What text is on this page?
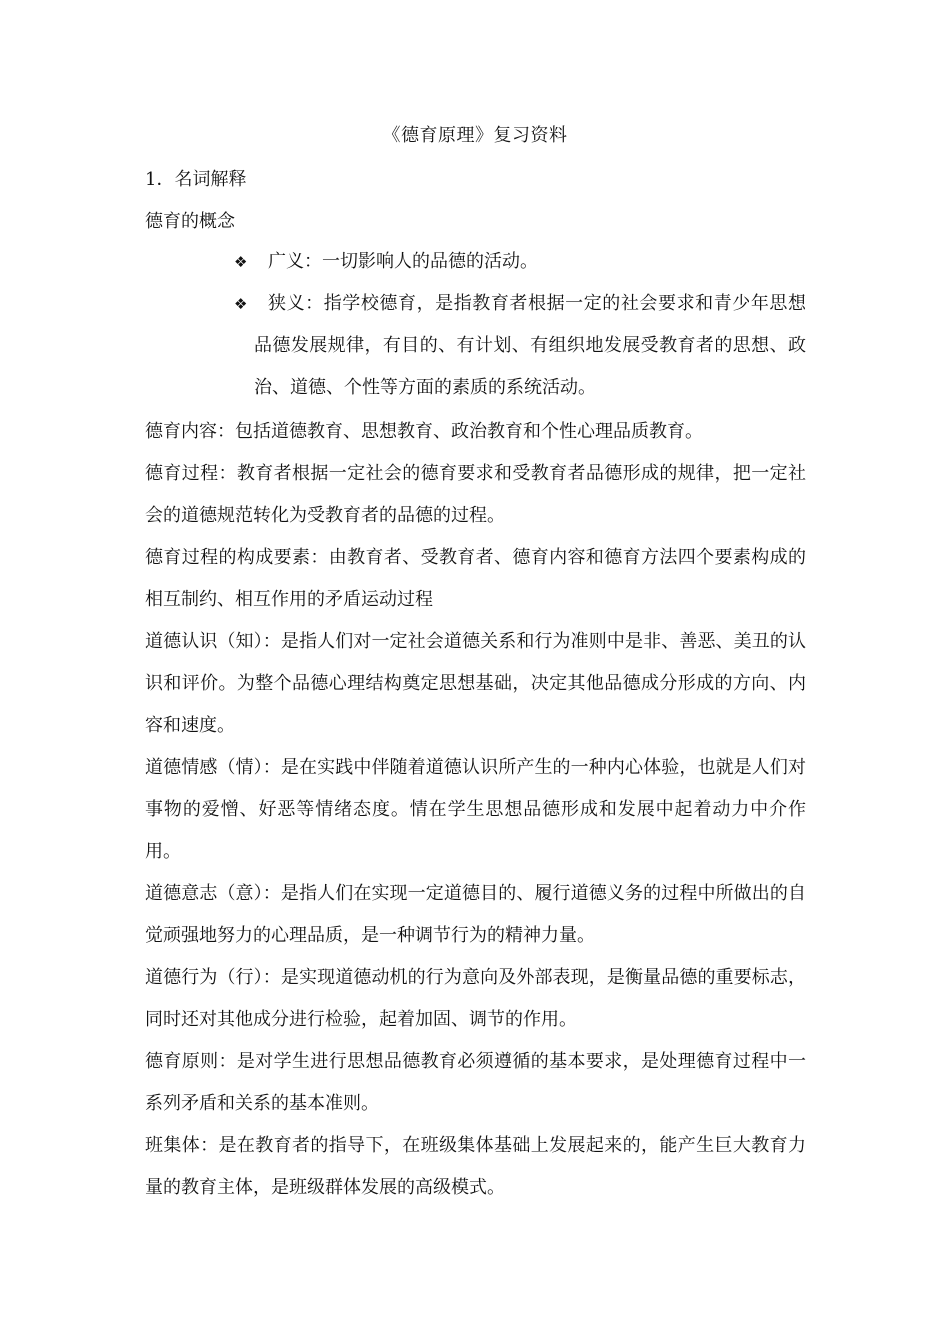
《德育原理》复习资料
1．名词解释
德育的概念
❖	广义：一切影响人的品德的活动。
❖	狭义：指学校德育，是指教育者根据一定的社会要求和青少年思想品德发展规律，有目的、有计划、有组织地发展受教育者的思想、政治、道德、个性等方面的素质的系统活动。
德育内容：包括道德教育、思想教育、政治教育和个性心理品质教育。
德育过程：教育者根据一定社会的德育要求和受教育者品德形成的规律，把一定社会的道德规范转化为受教育者的品德的过程。
德育过程的构成要素：由教育者、受教育者、德育内容和德育方法四个要素构成的相互制约、相互作用的矛盾运动过程
道德认识（知）：是指人们对一定社会道德关系和行为准则中是非、善恶、美丑的认识和评价。为整个品德心理结构奠定思想基础，决定其他品德成分形成的方向、内容和速度。
道德情感（情）：是在实践中伴随着道德认识所产生的一种内心体验，也就是人们对事物的爱憎、好恶等情绪态度。情在学生思想品德形成和发展中起着动力中介作用。
道德意志（意）：是指人们在实现一定道德目的、履行道德义务的过程中所做出的自觉顽强地努力的心理品质，是一种调节行为的精神力量。
道德行为（行）：是实现道德动机的行为意向及外部表现，是衡量品德的重要标志，同时还对其他成分进行检验，起着加固、调节的作用。
德育原则：是对学生进行思想品德教育必须遵循的基本要求，是处理德育过程中一系列矛盾和关系的基本准则。
班集体：是在教育者的指导下，在班级集体基础上发展起来的，能产生巨大教育力量的教育主体，是班级群体发展的高级模式。
